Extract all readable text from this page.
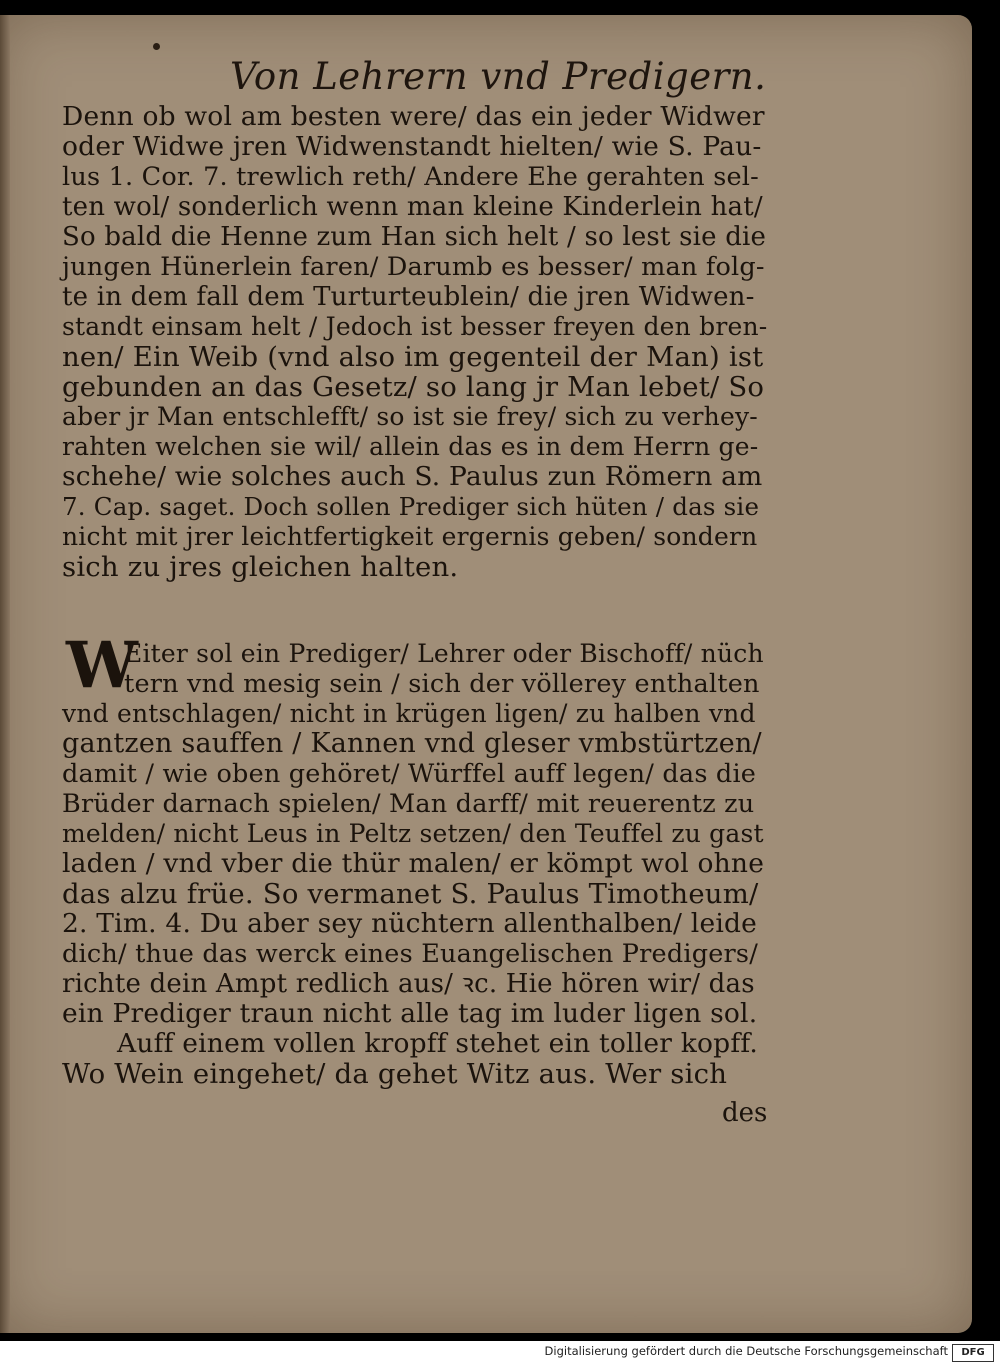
Von Lehrern vnd Predigern.
Denn ob wol am besten were/ das ein jeder Widwer
oder Widwe jren Widwenstandt hielten/ wie S. Pau-
lus 1. Cor. 7. trewlich reth/ Andere Ehe gerahten sel-
ten wol/ sonderlich wenn man kleine Kinderlein hat/
So bald die Henne zum Han sich helt / so lest sie die
jungen Hünerlein faren/ Darumb es besser/ man folg-
te in dem fall dem Turturteublein/ die jren Widwen-
standt einsam helt / Jedoch ist besser freyen den bren-
nen/ Ein Weib (vnd also im gegenteil der Man) ist
gebunden an das Gesetz/ so lang jr Man lebet/ So
aber jr Man entschlefft/ so ist sie frey/ sich zu verhey-
rahten welchen sie wil/ allein das es in dem Herrn ge-
schehe/ wie solches auch S. Paulus zun Römern am
7. Cap. saget. Doch sollen Prediger sich hüten / das sie
nicht mit jrer leichtfertigkeit ergernis geben/ sondern
sich zu jres gleichen halten.
W
Eiter sol ein Prediger/ Lehrer oder Bischoff/ nüch
tern vnd mesig sein / sich der völlerey enthalten
vnd entschlagen/ nicht in krügen ligen/ zu halben vnd
gantzen sauffen / Kannen vnd gleser vmbstürtzen/
damit / wie oben gehöret/ Würffel auff legen/ das die
Brüder darnach spielen/ Man darff/ mit reuerentz zu
melden/ nicht Leus in Peltz setzen/ den Teuffel zu gast
laden / vnd vber die thür malen/ er kömpt wol ohne
das alzu früe. So vermanet S. Paulus Timotheum/
2. Tim. 4. Du aber sey nüchtern allenthalben/ leide
dich/ thue das werck eines Euangelischen Predigers/
richte dein Ampt redlich aus/ ꝛc. Hie hören wir/ das
ein Prediger traun nicht alle tag im luder ligen sol.
Auff einem vollen kropff stehet ein toller kopff.
Wo Wein eingehet/ da gehet Witz aus. Wer sich
des
Digitalisierung gefördert durch die Deutsche Forschungsgemeinschaft	DFG
